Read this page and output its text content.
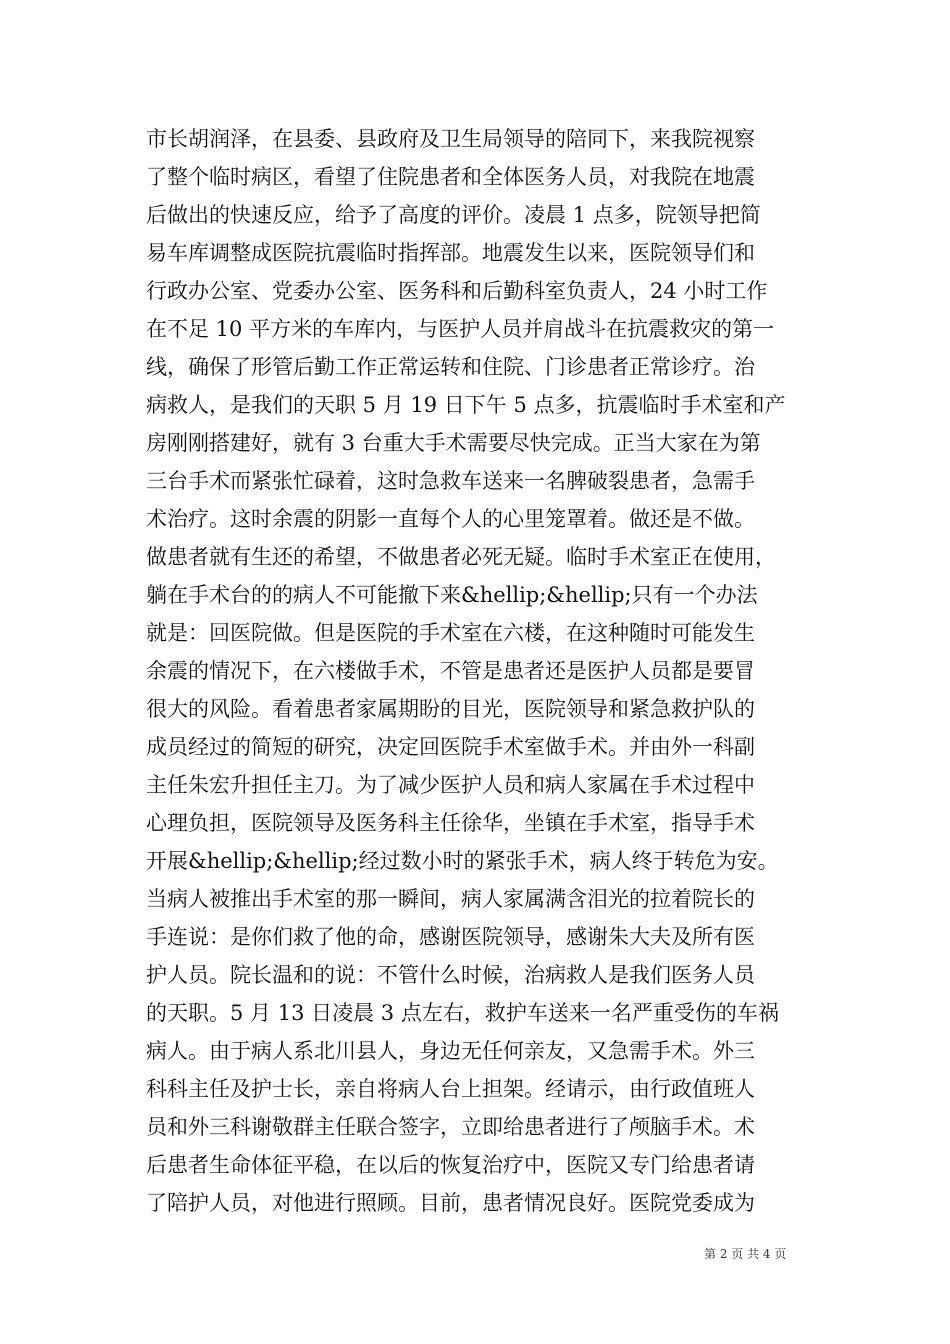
市长胡润泽，在县委、县政府及卫生局领导的陪同下，来我院视察
了整个临时病区，看望了住院患者和全体医务人员，对我院在地震
后做出的快速反应，给予了高度的评价。凌晨 1 点多，院领导把简
易车库调整成医院抗震临时指挥部。地震发生以来，医院领导们和
行政办公室、党委办公室、医务科和后勤科室负责人，24 小时工作
在不足 10 平方米的车库内，与医护人员并肩战斗在抗震救灾的第一
线，确保了形管后勤工作正常运转和住院、门诊患者正常诊疗。治
病救人，是我们的天职 5 月 19 日下午 5 点多，抗震临时手术室和产
房刚刚搭建好，就有 3 台重大手术需要尽快完成。正当大家在为第
三台手术而紧张忙碌着，这时急救车送来一名脾破裂患者，急需手
术治疗。这时余震的阴影一直每个人的心里笼罩着。做还是不做。
做患者就有生还的希望，不做患者必死无疑。临时手术室正在使用，
躺在手术台的的病人不可能撤下来&hellip;&hellip;只有一个办法
就是：回医院做。但是医院的手术室在六楼，在这种随时可能发生
余震的情况下，在六楼做手术，不管是患者还是医护人员都是要冒
很大的风险。看着患者家属期盼的目光，医院领导和紧急救护队的
成员经过的简短的研究，决定回医院手术室做手术。并由外一科副
主任朱宏升担任主刀。为了减少医护人员和病人家属在手术过程中
心理负担，医院领导及医务科主任徐华，坐镇在手术室，指导手术
开展&hellip;&hellip;经过数小时的紧张手术，病人终于转危为安。
当病人被推出手术室的那一瞬间，病人家属满含泪光的拉着院长的
手连说：是你们救了他的命，感谢医院领导，感谢朱大夫及所有医
护人员。院长温和的说：不管什么时候，治病救人是我们医务人员
的天职。5 月 13 日凌晨 3 点左右，救护车送来一名严重受伤的车祸
病人。由于病人系北川县人，身边无任何亲友，又急需手术。外三
科科主任及护士长，亲自将病人台上担架。经请示，由行政值班人
员和外三科谢敬群主任联合签字，立即给患者进行了颅脑手术。术
后患者生命体征平稳，在以后的恢复治疗中，医院又专门给患者请
了陪护人员，对他进行照顾。目前，患者情况良好。医院党委成为
第 2 页 共 4 页
